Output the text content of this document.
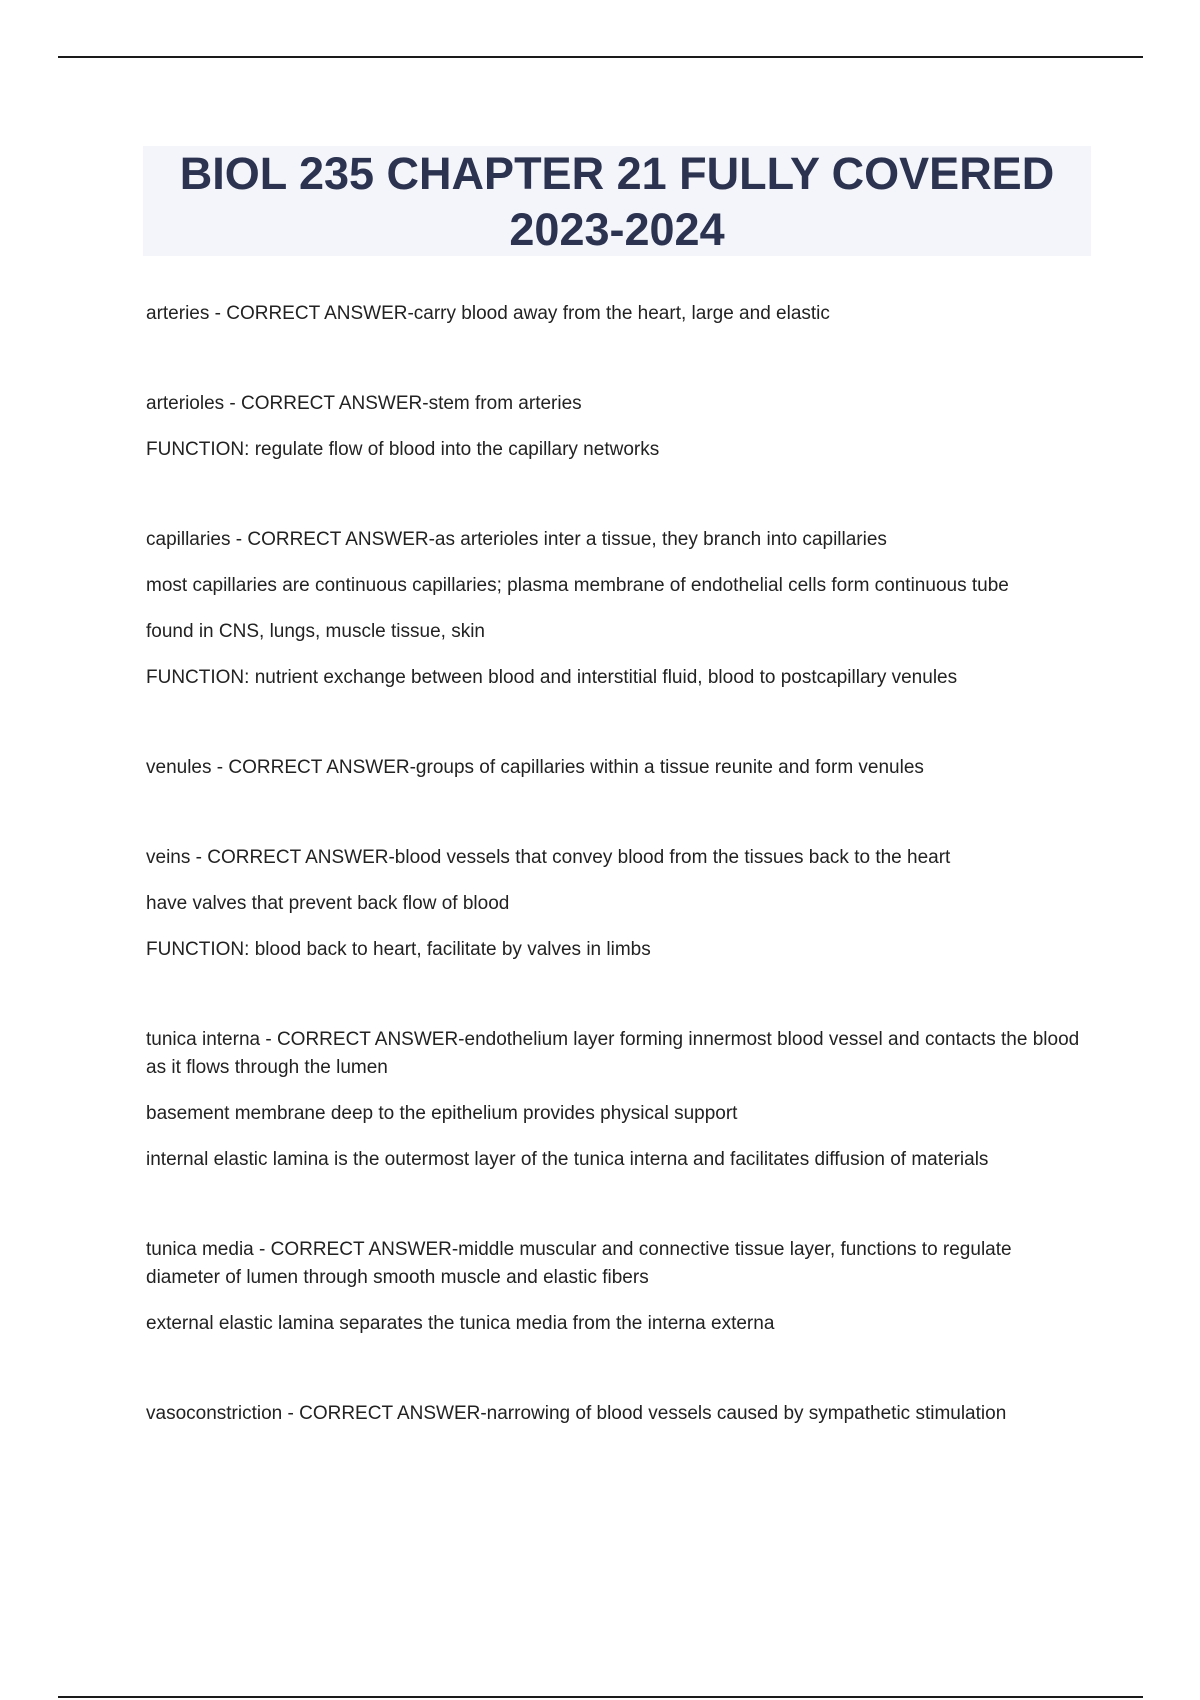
BIOL 235 CHAPTER 21 FULLY COVERED
2023-2024
arteries - CORRECT ANSWER-carry blood away from the heart, large and elastic
arterioles - CORRECT ANSWER-stem from arteries
FUNCTION: regulate flow of blood into the capillary networks
capillaries - CORRECT ANSWER-as arterioles inter a tissue, they branch into capillaries
most capillaries are continuous capillaries; plasma membrane of endothelial cells form continuous tube
found in CNS, lungs, muscle tissue, skin
FUNCTION: nutrient exchange between blood and interstitial fluid, blood to postcapillary venules
venules - CORRECT ANSWER-groups of capillaries within a tissue reunite and form venules
veins - CORRECT ANSWER-blood vessels that convey blood from the tissues back to the heart
have valves that prevent back flow of blood
FUNCTION: blood back to heart, facilitate by valves in limbs
tunica interna - CORRECT ANSWER-endothelium layer forming innermost blood vessel and contacts the blood as it flows through the lumen
basement membrane deep to the epithelium provides physical support
internal elastic lamina is the outermost layer of the tunica interna and facilitates diffusion of materials
tunica media - CORRECT ANSWER-middle muscular and connective tissue layer, functions to regulate diameter of lumen through smooth muscle and elastic fibers
external elastic lamina separates the tunica media from the interna externa
vasoconstriction - CORRECT ANSWER-narrowing of blood vessels caused by sympathetic stimulation
